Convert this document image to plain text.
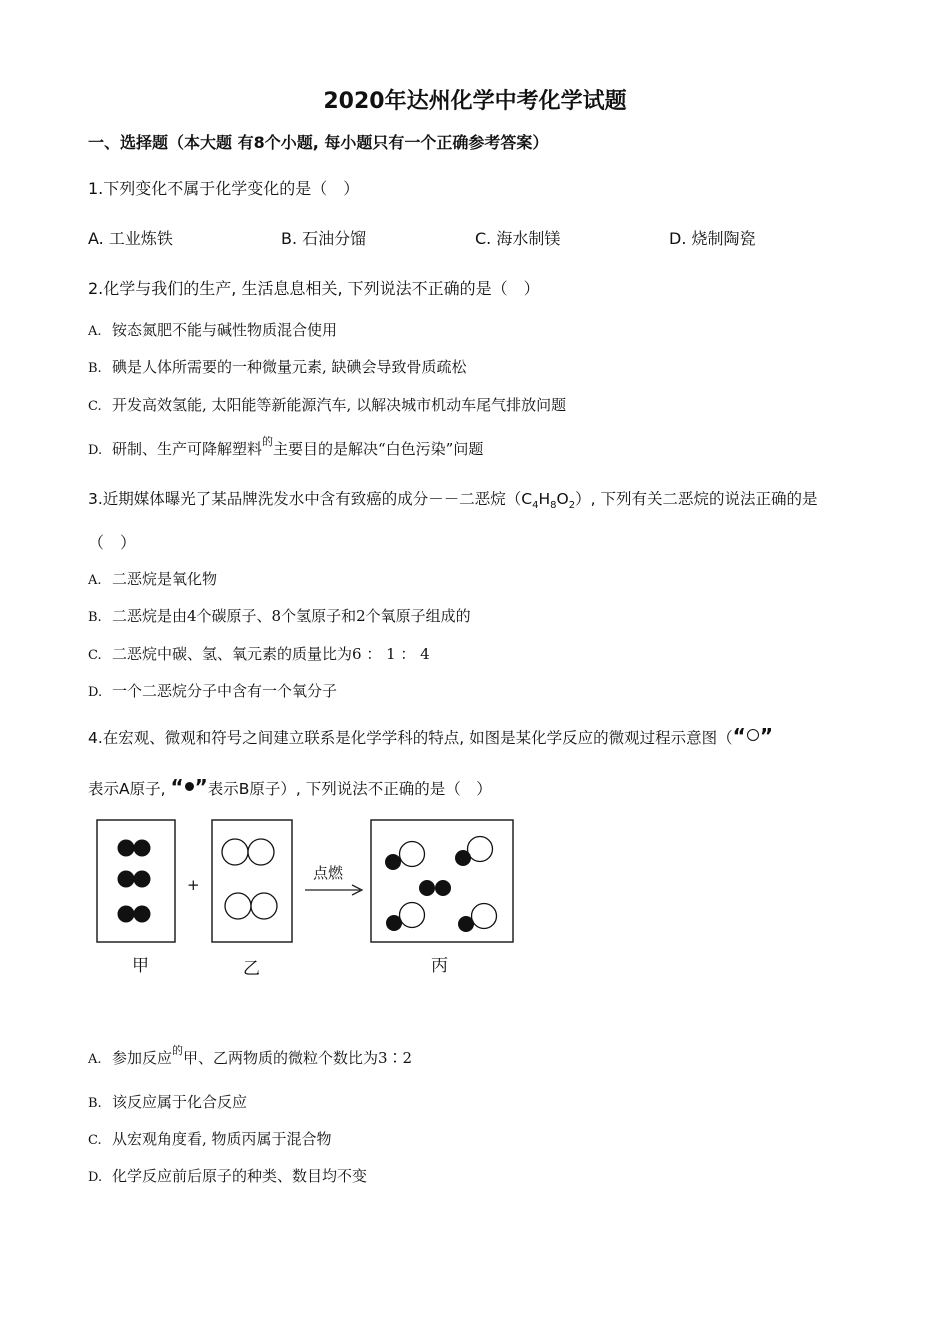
2020年达州化学中考化学试题
一、选择题（本大题 有8个小题, 每小题只有一个正确参考答案）
1.下列变化不属于化学变化的是（　）
A. 工业炼铁	B. 石油分馏	C. 海水制镁	D. 烧制陶瓷
2.化学与我们的生产, 生活息息相关, 下列说法不正确的是（　）
A. 铵态氮肥不能与碱性物质混合使用
B. 碘是人体所需要的一种微量元素, 缺碘会导致骨质疏松
C. 开发高效氢能, 太阳能等新能源汽车, 以解决城市机动车尾气排放问题
D. 研制、生产可降解塑料$^的$主要目的是解决“白色污染”问题
3.近期媒体曝光了某品牌洗发水中含有致癌的成分－－二恶烷$(C_4H_8O_2)$, 下列有关二恶烷的说法正确的是
（　）
A. 二恶烷是氧化物
B. 二恶烷是由4个碳原子、8个氢原子和2个氧原子组成的
C. 二恶烷中碳、氢、氧元素的质量比为6 ： 1 ： 4
D. 一个二恶烷分子中含有一个氧分子
4.在宏观、微观和符号之间建立联系是化学学科的特点, 如图是某化学反应的微观过程示意图（“ ”
表示A原子, “ ”表示B原子）, 下列说法不正确的是（　）
+
点燃
甲	乙	丙
A. 参加反应$^的$甲、乙两物质的微粒个数比为3∶2
B. 该反应属于化合反应
C. 从宏观角度看, 物质丙属于混合物
D. 化学反应前后原子的种类、数目均不变
